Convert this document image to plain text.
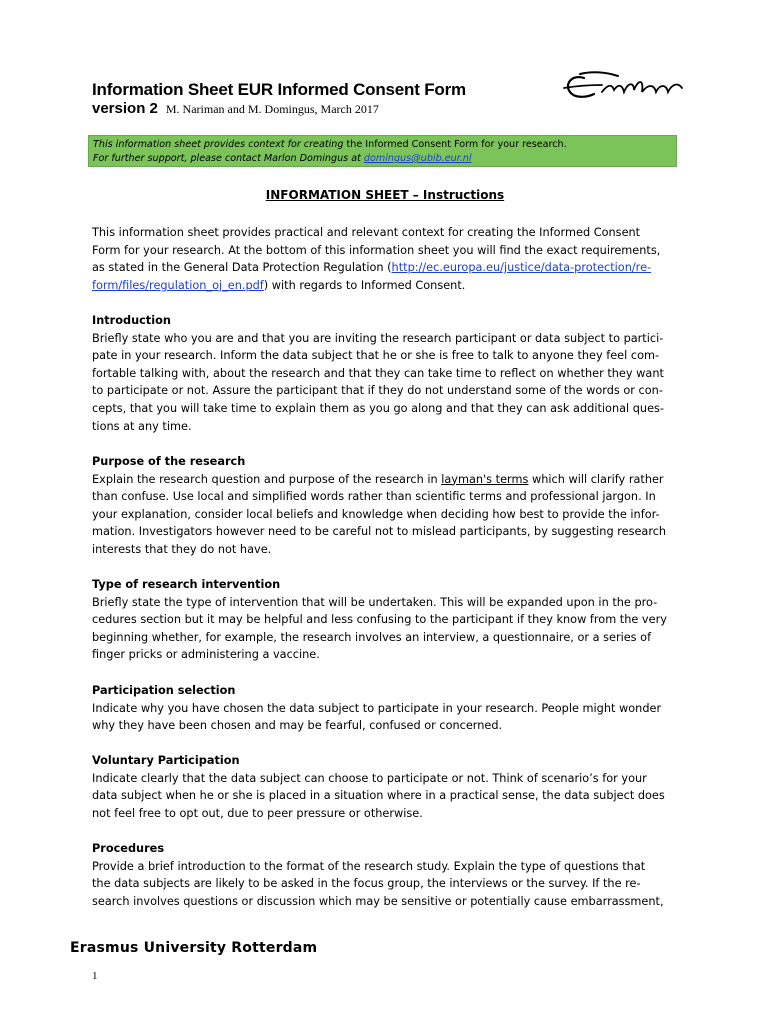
Information Sheet EUR Informed Consent Form
version 2 M. Nariman and M. Domingus, March 2017
This information sheet provides context for creating the Informed Consent Form for your research.
For further support, please contact Marlon Domingus at domingus@ubib.eur.nl
INFORMATION SHEET – Instructions

This information sheet provides practical and relevant context for creating the Informed Consent

Form for your research. At the bottom of this information sheet you will find the exact requirements,

as stated in the General Data Protection Regulation (http://ec.europa.eu/justice/data-protection/re-

form/files/regulation_oj_en.pdf) with regards to Informed Consent.

Introduction

Briefly state who you are and that you are inviting the research participant or data subject to partici-

pate in your research. Inform the data subject that he or she is free to talk to anyone they feel com-

fortable talking with, about the research and that they can take time to reflect on whether they want

to participate or not. Assure the participant that if they do not understand some of the words or con-

cepts, that you will take time to explain them as you go along and that they can ask additional ques-

tions at any time.

Purpose of the research

Explain the research question and purpose of the research in layman's terms which will clarify rather

than confuse. Use local and simplified words rather than scientific terms and professional jargon. In

your explanation, consider local beliefs and knowledge when deciding how best to provide the infor-

mation. Investigators however need to be careful not to mislead participants, by suggesting research

interests that they do not have.

Type of research intervention

Briefly state the type of intervention that will be undertaken. This will be expanded upon in the pro-

cedures section but it may be helpful and less confusing to the participant if they know from the very

beginning whether, for example, the research involves an interview, a questionnaire, or a series of

finger pricks or administering a vaccine.

Participation selection

Indicate why you have chosen the data subject to participate in your research. People might wonder

why they have been chosen and may be fearful, confused or concerned.

Voluntary Participation

Indicate clearly that the data subject can choose to participate or not. Think of scenario’s for your

data subject when he or she is placed in a situation where in a practical sense, the data subject does

not feel free to opt out, due to peer pressure or otherwise.

Procedures

Provide a brief introduction to the format of the research study. Explain the type of questions that

the data subjects are likely to be asked in the focus group, the interviews or the survey. If the re-

search involves questions or discussion which may be sensitive or potentially cause embarrassment,

Erasmus University Rotterdam
1
